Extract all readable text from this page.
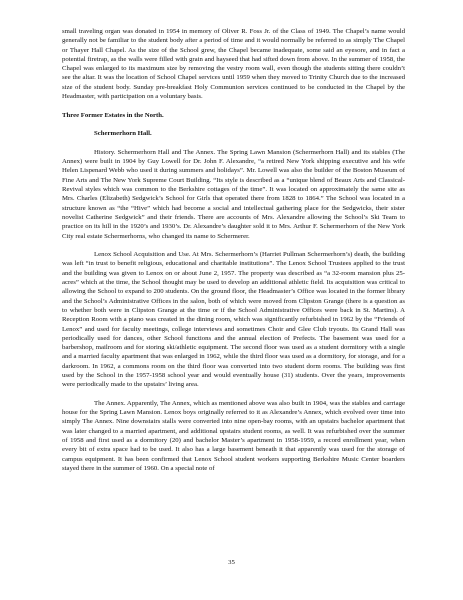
small traveling organ was donated in 1954 in memory of Oliver R. Foss Jr. of the Class of 1949. The Chapel’s name would generally not be familiar to the student body after a period of time and it would normally be referred to as simply The Chapel or Thayer Hall Chapel. As the size of the School grew, the Chapel became inadequate, some said an eyesore, and in fact a potential firetrap, as the walls were filled with grain and hayseed that had sifted down from above. In the summer of 1958, the Chapel was enlarged to its maximum size by removing the vestry room wall, even though the students sitting there couldn’t see the altar. It was the location of School Chapel services until 1959 when they moved to Trinity Church due to the increased size of the student body. Sunday pre-breakfast Holy Communion services continued to be conducted in the Chapel by the Headmaster, with participation on a voluntary basis.

Three Former Estates in the North.

Schermerhorn Hall.

History. Schermerhorn Hall and The Annex. The Spring Lawn Mansion (Schermerhorn Hall) and its stables (The Annex) were built in 1904 by Guy Lowell for Dr. John F. Alexandre, “a retired New York shipping executive and his wife Helen Lispenard Webb who used it during summers and holidays”. Mr. Lowell was also the builder of the Boston Museum of Fine Arts and The New York Supreme Court Building. “Its style is described as a “unique blend of Beaux Arts and Classical-Revival styles which was common to the Berkshire cottages of the time”. It was located on approximately the same site as Mrs. Charles (Elizabeth) Sedgwick’s School for Girls that operated there from 1828 to 1864.” The School was located in a structure known as “the “Hive” which had become a social and intellectual gathering place for the Sedgwicks, their sister novelist Catherine Sedgwick” and their friends. There are accounts of Mrs. Alexandre allowing the School’s Ski Team to practice on its hill in the 1920’s and 1930’s. Dr. Alexandre’s daughter sold it to Mrs. Arthur F. Schermerhorn of the New York City real estate Schermerhorns, who changed its name to Schermerer.

Lenox School Acquisition and Use. At Mrs. Schermerhorn’s (Harriet Pullman Schermerhorn’s) death, the building was left “in trust to benefit religious, educational and charitable institutions”. The Lenox School Trustees applied to the trust and the building was given to Lenox on or about June 2, 1957. The property was described as “a 32-room mansion plus 25-acres” which at the time, the School thought may be used to develop an additional athletic field. Its acquisition was critical to allowing the School to expand to 200 students. On the ground floor, the Headmaster’s Office was located in the former library and the School’s Administrative Offices in the salon, both of which were moved from Clipston Grange (there is a question as to whether both were in Clipston Grange at the time or if the School Administrative Offices were back in St. Martins). A Reception Room with a piano was created in the dining room, which was significantly refurbished in 1962 by the “Friends of Lenox” and used for faculty meetings, college interviews and sometimes Choir and Glee Club tryouts. Its Grand Hall was periodically used for dances, other School functions and the annual election of Prefects. The basement was used for a barbershop, mailroom and for storing ski/athletic equipment. The second floor was used as a student dormitory with a single and a married faculty apartment that was enlarged in 1962, while the third floor was used as a dormitory, for storage, and for a darkroom. In 1962, a commons room on the third floor was converted into two student dorm rooms. The building was first used by the School in the 1957-1958 school year and would eventually house (31) students. Over the years, improvements were periodically made to the upstairs’ living area.

The Annex. Apparently, The Annex, which as mentioned above was also built in 1904, was the stables and carriage house for the Spring Lawn Mansion. Lenox boys originally referred to it as Alexandre’s Annex, which evolved over time into simply The Annex. Nine downstairs stalls were converted into nine open-bay rooms, with an upstairs bachelor apartment that was later changed to a married apartment, and additional upstairs student rooms, as well. It was refurbished over the summer of 1958 and first used as a dormitory (20) and bachelor Master’s apartment in 1958-1959, a record enrollment year, when every bit of extra space had to be used. It also has a large basement beneath it that apparently was used for the storage of campus equipment. It has been confirmed that Lenox School student workers supporting Berkshire Music Center boarders stayed there in the summer of 1960. On a special note of

35
